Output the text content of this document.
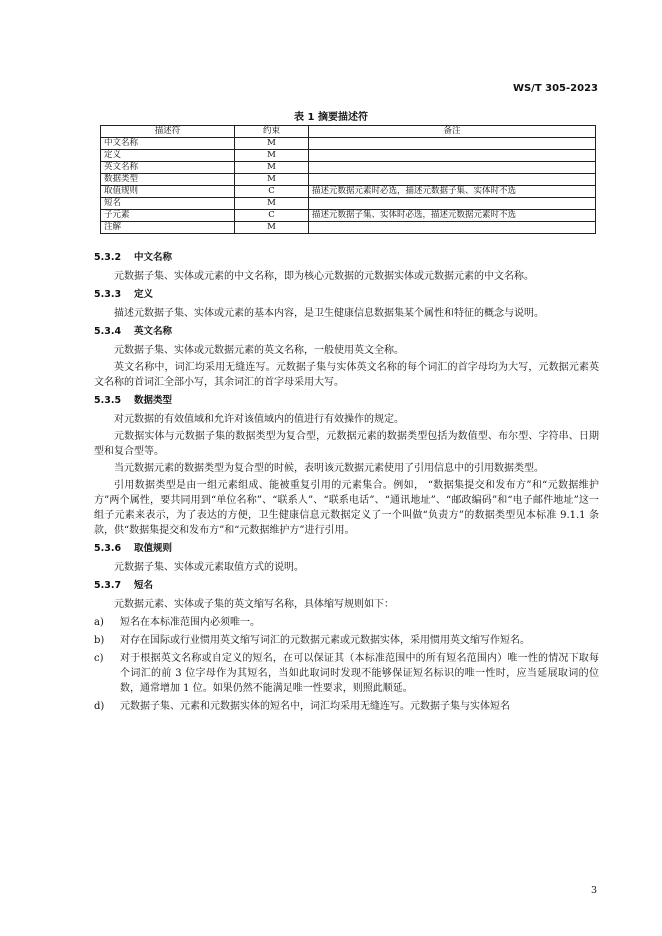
WS/T 305-2023
表 1 摘要描述符
描述符	约束	备注
中文名称	M	
定义	M	
英文名称	M	
数据类型	M	
取值规则	C	描述元数据元素时必选，描述元数据子集、实体时不选
短名	M	
子元素	C	描述元数据子集、实体时必选，描述元数据元素时不选
注解	M	
5.3.2 中文名称
元数据子集、实体或元素的中文名称，即为核心元数据的元数据实体或元数据元素的中文名称。
5.3.3 定义
描述元数据子集、实体或元素的基本内容，是卫生健康信息数据集某个属性和特征的概念与说明。
5.3.4 英文名称
元数据子集、实体或元数据元素的英文名称，一般使用英文全称。
英文名称中，词汇均采用无缝连写。元数据子集与实体英文名称的每个词汇的首字母均为大写，元数据元素英文名称的首词汇全部小写，其余词汇的首字母采用大写。
5.3.5 数据类型
对元数据的有效值域和允许对该值域内的值进行有效操作的规定。
元数据实体与元数据子集的数据类型为复合型，元数据元素的数据类型包括为数值型、布尔型、字符串、日期型和复合型等。
当元数据元素的数据类型为复合型的时候，表明该元数据元素使用了引用信息中的引用数据类型。
引用数据类型是由一组元素组成、能被重复引用的元素集合。例如， “数据集提交和发布方”和“元数据维护方”两个属性，要共同用到“单位名称”、“联系人”、“联系电话”、“通讯地址”、“邮政编码”和“电子邮件地址”这一组子元素来表示，为了表达的方便，卫生健康信息元数据定义了一个叫做“负责方”的数据类型见本标准 9.1.1 条款，供“数据集提交和发布方”和“元数据维护方”进行引用。
5.3.6 取值规则
元数据子集、实体或元素取值方式的说明。
5.3.7 短名
元数据元素、实体或子集的英文缩写名称，具体缩写规则如下：
a)	短名在本标准范围内必须唯一。
b)	对存在国际或行业惯用英文缩写词汇的元数据元素或元数据实体，采用惯用英文缩写作短名。
c)	对于根据英文名称或自定义的短名，在可以保证其（本标准范围中的所有短名范围内）唯一性的情况下取每个词汇的前 3 位字母作为其短名，当如此取词时发现不能够保证短名标识的唯一性时，应当延展取词的位数，通常增加 1 位。如果仍然不能满足唯一性要求，则照此顺延。
d)	元数据子集、元素和元数据实体的短名中，词汇均采用无缝连写。元数据子集与实体短名
3
